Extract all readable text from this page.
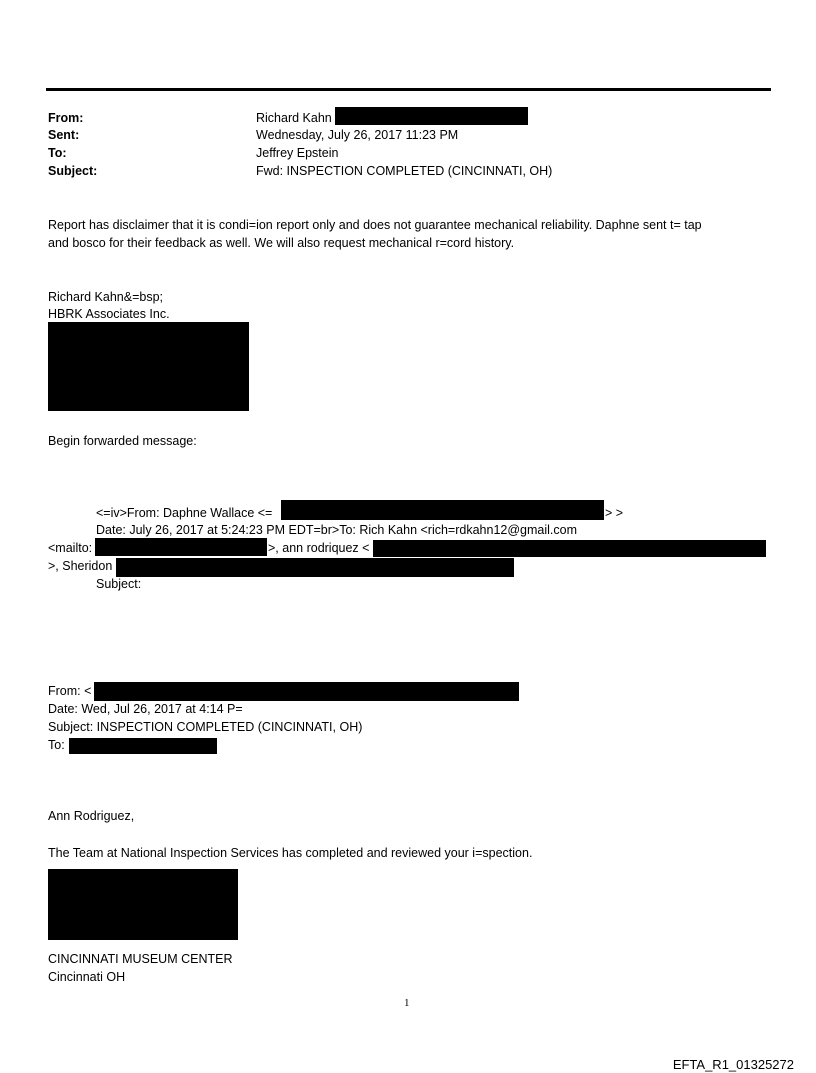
From:	Richard Kahn
Sent:	Wednesday, July 26, 2017 11:23 PM
To:	Jeffrey Epstein
Subject:	Fwd: INSPECTION COMPLETED (CINCINNATI, OH)
Report has disclaimer that it is condi=ion report only and does not guarantee mechanical reliability. Daphne sent t= tap
and bosco for their feedback as well. We will also request mechanical r=cord history.
Richard Kahn&=bsp;
HBRK Associates Inc.
Begin forwarded message:
<=iv>From: Daphne Wallace <=	> >
Date: July 26, 2017 at 5:24:23 PM EDT=br>To: Rich Kahn <rich=rdkahn12@gmail.com
<mailto:	>, ann rodriquez <
>, Sheridon
Subject:
From: <
Date: Wed, Jul 26, 2017 at 4:14 P=
Subject: INSPECTION COMPLETED (CINCINNATI, OH)
To:
Ann Rodriguez,
The Team at National Inspection Services has completed and reviewed your i=spection.
CINCINNATI MUSEUM CENTER
Cincinnati OH
1
EFTA_R1_01325272
